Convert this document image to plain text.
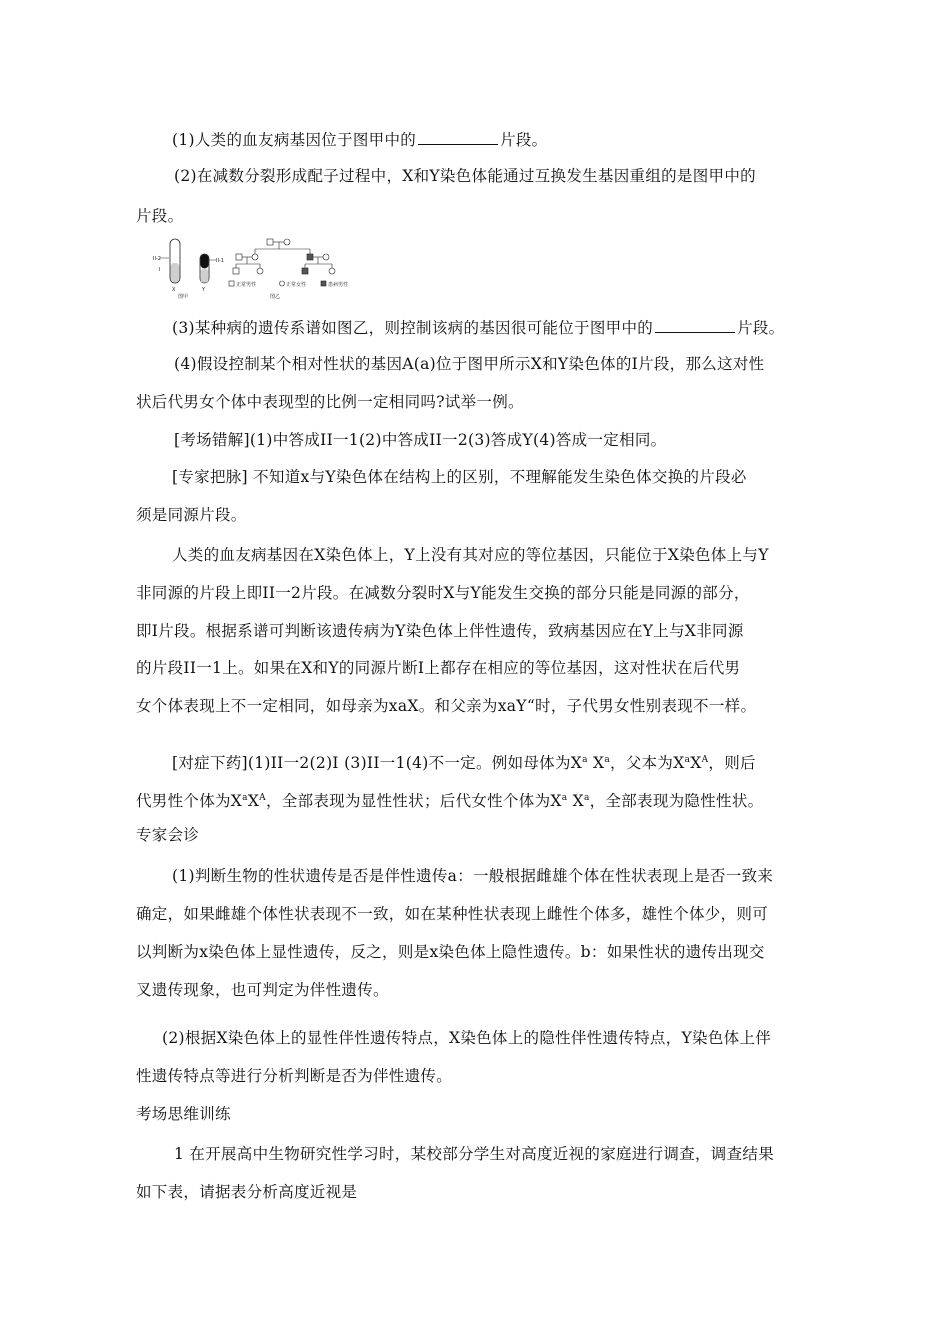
(1)人类的血友病基因位于图甲中的	片段。
(2)在减数分裂形成配子过程中，X和Y染色体能通过互换发生基因重组的是图甲中的
片段。
II-2
I
II-1
X	Y
图甲
正常男性	正常女性	患病男性
图乙
(3)某种病的遗传系谱如图乙，则控制该病的基因很可能位于图甲中的	片段。
(4)假设控制某个相对性状的基因A(a)位于图甲所示X和Y染色体的I片段，那么这对性
状后代男女个体中表现型的比例一定相同吗?试举一例。
[考场错解](1)中答成II一1(2)中答成II一2(3)答成Y(4)答成一定相同。
[专家把脉] 不知道x与Y染色体在结构上的区别，不理解能发生染色体交换的片段必
须是同源片段。
人类的血友病基因在X染色体上，Y上没有其对应的等位基因，只能位于X染色体上与Y
非同源的片段上即II一2片段。在减数分裂时X与Y能发生交换的部分只能是同源的部分，
即I片段。根据系谱可判断该遗传病为Y染色体上伴性遗传，致病基因应在Y上与X非同源
的片段II一1上。如果在X和Y的同源片断I上都存在相应的等位基因，这对性状在后代男
女个体表现上不一定相同，如母亲为xaX。和父亲为xaY“时，子代男女性别表现不一样。
[对症下药](1)II一2(2)I (3)II一1(4)不一定。例如母体为$X^a$ $X^a$，父本为$X^aX^A$，则后
代男性个体为$X^aX^A$，全部表现为显性性状；后代女性个体为$X^a$ $X^a$，全部表现为隐性性状。
专家会诊
(1)判断生物的性状遗传是否是伴性遗传a：一般根据雌雄个体在性状表现上是否一致来
确定，如果雌雄个体性状表现不一致，如在某种性状表现上雌性个体多，雄性个体少，则可
以判断为x染色体上显性遗传，反之，则是x染色体上隐性遗传。b：如果性状的遗传出现交
叉遗传现象，也可判定为伴性遗传。
(2)根据X染色体上的显性伴性遗传特点，X染色体上的隐性伴性遗传特点，Y染色体上伴
性遗传特点等进行分析判断是否为伴性遗传。
考场思维训练
1 在开展高中生物研究性学习时，某校部分学生对高度近视的家庭进行调查，调查结果
如下表，请据表分析高度近视是
